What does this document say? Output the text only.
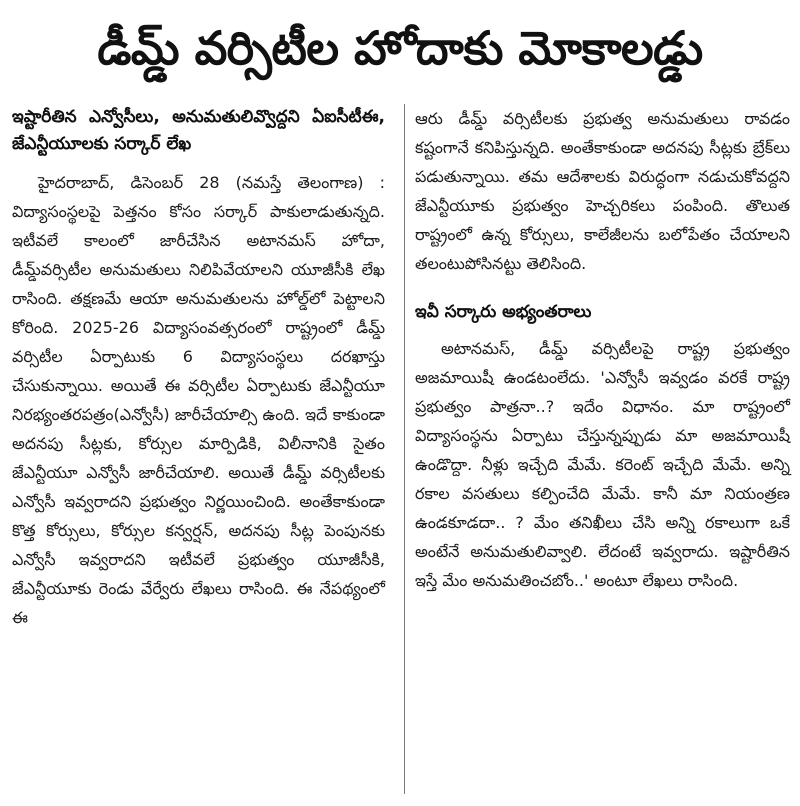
డీమ్డ్ వర్సిటీల హోదాకు మోకాలడ్డు

ఇష్టారీతిన ఎన్వోసీలు, అనుమతులివ్వొద్దని ఏఐసీటీఈ, జేఎన్టీయూలకు సర్కార్ లేఖ

హైదరాబాద్, డిసెంబర్ 28 (నమస్తే తెలంగాణ) : విద్యాసంస్థలపై పెత్తనం కోసం సర్కార్ పాకులాడుతున్నది. ఇటీవలే కాలంలో జారీచేసిన అటానమస్ హోదా, డీమ్డ్‌వర్సిటీల అనుమతులు నిలిపివేయాలని యూజీసీకి లేఖ రాసింది. తక్షణమే ఆయా అనుమతులను హోల్డ్‌లో పెట్టాలని కోరింది. 2025-26 విద్యాసంవత్సరంలో రాష్ట్రంలో డీమ్డ్ వర్సిటీల ఏర్పాటుకు 6 విద్యాసంస్థలు దరఖాస్తు చేసుకున్నాయి. అయితే ఈ వర్సిటీల ఏర్పాటుకు జేఎన్టీయూ నిరభ్యంతరపత్రం(ఎన్వోసీ) జారీచేయాల్సి ఉంది. ఇదే కాకుండా అదనపు సీట్లకు, కోర్సుల మార్పిడికి, విలీనానికి సైతం జేఎన్టీయూ ఎన్వోసీ జారీచేయాలి. అయితే డీమ్డ్ వర్సిటీలకు ఎన్వోసీ ఇవ్వరాదని ప్రభుత్వం నిర్ణయించింది. అంతేకాకుండా కొత్త కోర్సులు, కోర్సుల కన్వర్షన్, అదనపు సీట్ల పెంపునకు ఎన్వోసీ ఇవ్వరాదని ఇటీవలే ప్రభుత్వం యూజీసీకి, జేఎన్టీయూకు రెండు వేర్వేరు లేఖలు రాసింది. ఈ నేపథ్యంలో ఈ

ఆరు డీమ్డ్ వర్సిటీలకు ప్రభుత్వ అనుమతులు రావడం కష్టంగానే కనిపిస్తున్నది. అంతేకాకుండా అదనపు సీట్లకు బ్రేక్‌లు పడుతున్నాయి. తమ ఆదేశాలకు విరుద్ధంగా నడుచుకోవద్దని జేఎన్టీయూకు ప్రభుత్వం హెచ్చరికలు పంపింది. తొలుత రాష్ట్రంలో ఉన్న కోర్సులు, కాలేజీలను బలోపేతం చేయాలని తలంటుపోసినట్టు తెలిసింది.

ఇవీ సర్కారు అభ్యంతరాలు

అటానమస్, డీమ్డ్ వర్సిటీలపై రాష్ట్ర ప్రభుత్వం అజమాయిషీ ఉండటంలేదు. 'ఎన్వోసీ ఇవ్వడం వరకే రాష్ట్ర ప్రభుత్వం పాత్రనా..? ఇదేం విధానం. మా రాష్ట్రంలో విద్యాసంస్థను ఏర్పాటు చేస్తున్నప్పుడు మా అజమాయిషీ ఉండొద్దా. నీళ్లు ఇచ్చేది మేమే. కరెంట్ ఇచ్చేది మేమే. అన్ని రకాల వసతులు కల్పించేది మేమే. కానీ మా నియంత్రణ ఉండకూడదా.. ? మేం తనిఖీలు చేసి అన్ని రకాలుగా ఒకే అంటేనే అనుమతులివ్వాలి. లేదంటే ఇవ్వరాదు. ఇష్టారీతిన ఇస్తే మేం అనుమతించబోం..' అంటూ లేఖలు రాసింది.
